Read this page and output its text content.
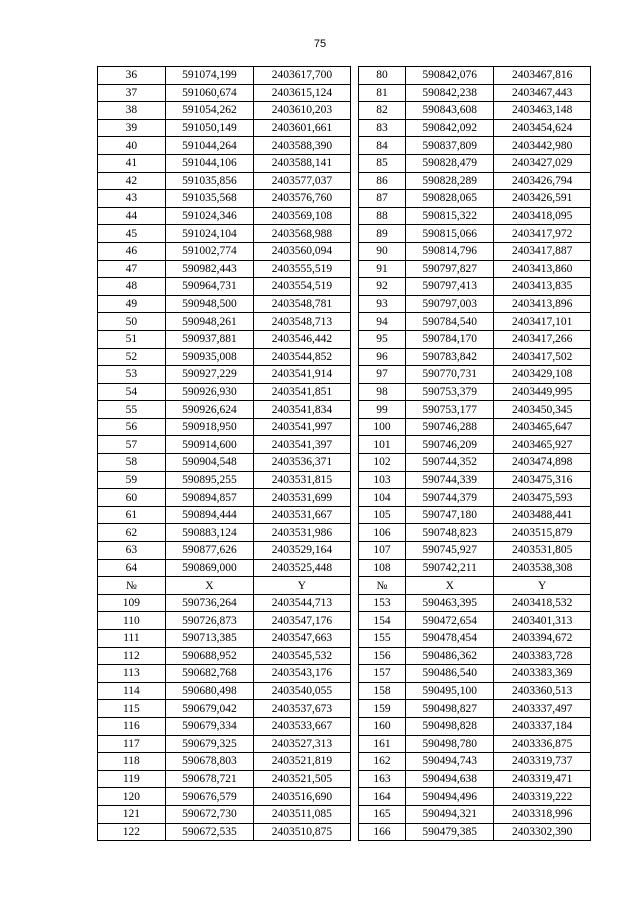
75
36	591074,199	2403617,700		80	590842,076	2403467,816
37	591060,674	2403615,124		81	590842,238	2403467,443
38	591054,262	2403610,203		82	590843,608	2403463,148
39	591050,149	2403601,661		83	590842,092	2403454,624
40	591044,264	2403588,390		84	590837,809	2403442,980
41	591044,106	2403588,141		85	590828,479	2403427,029
42	591035,856	2403577,037		86	590828,289	2403426,794
43	591035,568	2403576,760		87	590828,065	2403426,591
44	591024,346	2403569,108		88	590815,322	2403418,095
45	591024,104	2403568,988		89	590815,066	2403417,972
46	591002,774	2403560,094		90	590814,796	2403417,887
47	590982,443	2403555,519		91	590797,827	2403413,860
48	590964,731	2403554,519		92	590797,413	2403413,835
49	590948,500	2403548,781		93	590797,003	2403413,896
50	590948,261	2403548,713		94	590784,540	2403417,101
51	590937,881	2403546,442		95	590784,170	2403417,266
52	590935,008	2403544,852		96	590783,842	2403417,502
53	590927,229	2403541,914		97	590770,731	2403429,108
54	590926,930	2403541,851		98	590753,379	2403449,995
55	590926,624	2403541,834		99	590753,177	2403450,345
56	590918,950	2403541,997		100	590746,288	2403465,647
57	590914,600	2403541,397		101	590746,209	2403465,927
58	590904,548	2403536,371		102	590744,352	2403474,898
59	590895,255	2403531,815		103	590744,339	2403475,316
60	590894,857	2403531,699		104	590744,379	2403475,593
61	590894,444	2403531,667		105	590747,180	2403488,441
62	590883,124	2403531,986		106	590748,823	2403515,879
63	590877,626	2403529,164		107	590745,927	2403531,805
64	590869,000	2403525,448		108	590742,211	2403538,308
№	X	Y		№	X	Y
109	590736,264	2403544,713		153	590463,395	2403418,532
110	590726,873	2403547,176		154	590472,654	2403401,313
111	590713,385	2403547,663		155	590478,454	2403394,672
112	590688,952	2403545,532		156	590486,362	2403383,728
113	590682,768	2403543,176		157	590486,540	2403383,369
114	590680,498	2403540,055		158	590495,100	2403360,513
115	590679,042	2403537,673		159	590498,827	2403337,497
116	590679,334	2403533,667		160	590498,828	2403337,184
117	590679,325	2403527,313		161	590498,780	2403336,875
118	590678,803	2403521,819		162	590494,743	2403319,737
119	590678,721	2403521,505		163	590494,638	2403319,471
120	590676,579	2403516,690		164	590494,496	2403319,222
121	590672,730	2403511,085		165	590494,321	2403318,996
122	590672,535	2403510,875		166	590479,385	2403302,390
